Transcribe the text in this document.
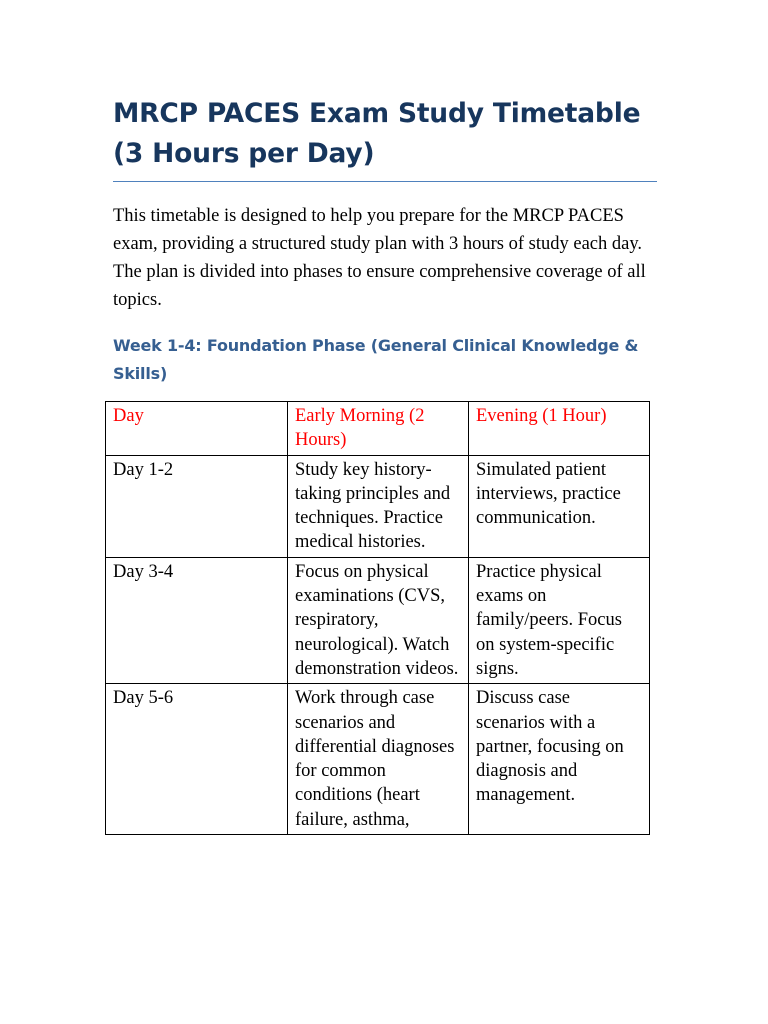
MRCP PACES Exam Study Timetable (3 Hours per Day)

This timetable is designed to help you prepare for the MRCP PACES exam, providing a structured study plan with 3 hours of study each day. The plan is divided into phases to ensure comprehensive coverage of all topics.

Week 1-4: Foundation Phase (General Clinical Knowledge & Skills)
Day	Early Morning (2 Hours)	Evening (1 Hour)
Day 1-2	Study key history-taking principles and techniques. Practice medical histories.	Simulated patient interviews, practice communication.
Day 3-4	Focus on physical examinations (CVS, respiratory, neurological). Watch demonstration videos.	Practice physical exams on family/peers. Focus on system-specific signs.
Day 5-6	Work through case scenarios and differential diagnoses for common conditions (heart failure, asthma,	Discuss case scenarios with a partner, focusing on diagnosis and management.
